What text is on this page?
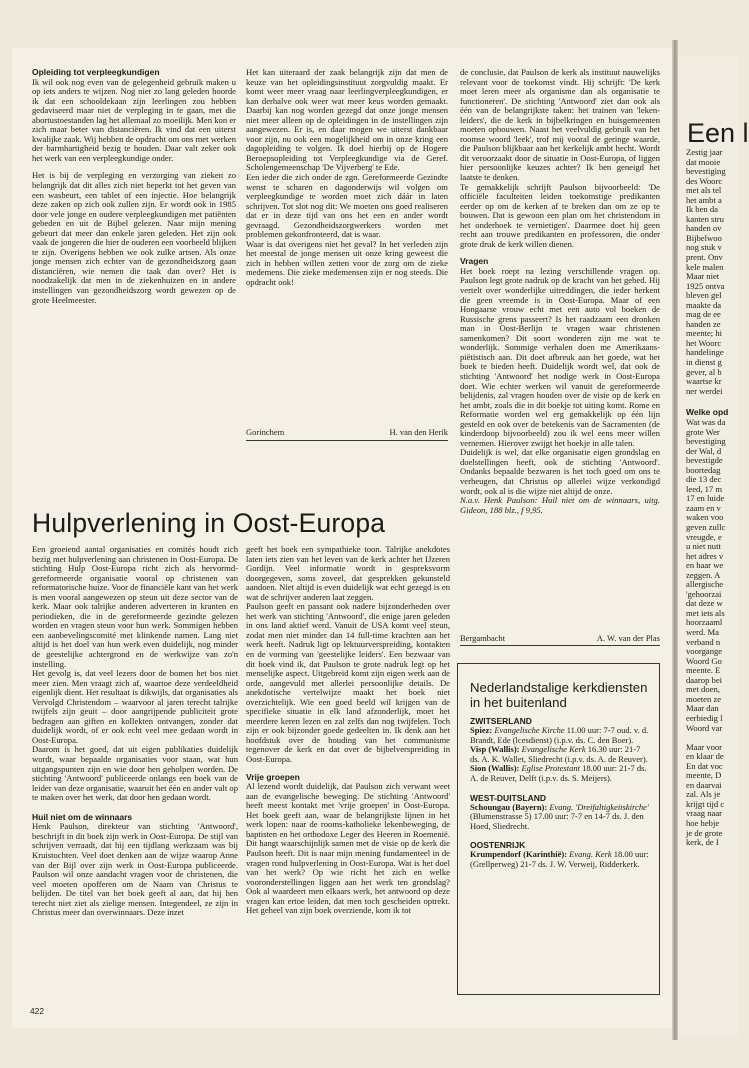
Opleiding tot verpleegkundigen

Ik wil ook nog even van de gelegenheid gebruik maken u op iets anders te wijzen. Nog niet zo lang geleden hoorde ik dat een schooldekaan zijn leerlingen zou hebben gedaviseerd maar niet de verpleging in te gaan, met die abortustoestanden lag het allemaal zo moeilijk. Men kon er zich maar beter van distanciëren. Ik vind dat een uiterst kwalijke zaak. Wij hebben de opdracht om ons met werken der barmhartigheid bezig te houden. Daar valt zeker ook het werk van een verpleegkundige onder.

Het is bij de verpleging en verzorging van zieken zo belangrijk dat dit alles zich niet beperkt tot het geven van een wasbeurt, een tablet of een injectie. Hoe belangrijk deze zaken op zich ook zullen zijn. Er wordt ook in 1985 door vele jonge en oudere verpleegkundigen met patiënten gebeden en uit de Bijbel gelezen. Naar mijn mening gebeurt dat meer dan enkele jaren geleden. Het zijn ook vaak de jongeren die hier de ouderen een voorbeeld blijken te zijn. Overigens hebben we ook zulke artsen. Als onze jonge mensen zich echter van de gezondheidszorg gaan distanciëren, wie nemen die taak dan over? Het is noodzakelijk dat men in de ziekenhuizen en in andere instellingen van gezondheidszorg wordt gewezen op de grote Heelmeester.

Het kan uiteraard der zaak belangrijk zijn dat men de keuze van het opleidingsinstituut zorgvuldig maakt. Er komt weer meer vraag naar leerlingverpleegkundigen, er kan derhalve ook weer wat meer keus worden gemaakt. Daarbij kan nog worden gezegd dat onze jonge mensen niet meer alleen op de opleidingen in de instellingen zijn aangewezen. Er is, en daar mogen we uiterst dankbaar voor zijn, nu ook een mogelijkheid om in onze kring een dagopleiding te volgen. Ik doel hierbij op de Hogere Beroepsopleiding tot Verpleegkundige via de Geref. Scholengemeenschap 'De Vijverberg' te Ede.

Een ieder die zich onder de zgn. Gereformeerde Gezindte wenst te scharen en dagonderwijs wil volgen om verpleegkundige te worden moet zich dáár in laten schrijven. Tot slot nog dit: We moeten ons goed realiseren dat er in deze tijd van ons het een en ander wordt gevraagd. Gezondheidszorgwerkers worden met problemen gekonfronteerd, dat is waar.

Waar is dat overigens niet het geval? In het verleden zijn het meestal de jonge mensen uit onze kring geweest die zich in hebben willen zetten voor de zorg om de zieke medemens. Die zieke medemensen zijn er nog steeds. Die opdracht ook!

Gorinchem	H. van den Herik
Hulpverlening in Oost-Europa

Een groeiend aantal organisaties en comités houdt zich bezig met hulpverlening aan christenen in Oost-Europa. De stichting Hulp Oost-Europa richt zich als hervormd-gereformeerde organisatie vooral op christenen van reformatorische huize. Voor de financiële kant van het werk is men vooral aangewezen op steun uit deze sector van de kerk. Maar ook talrijke anderen adverteren in kranten en periodieken, die in de gereformeerde gezindte gelezen worden en vragen steun voor hun werk. Sommigen hebben een aanbevelingscomité met klinkende namen. Lang niet altijd is het doel van hun werk even duidelijk, nog minder de geestelijke achtergrond en de werkwijze van zo'n instelling.

Het gevolg is, dat veel lezers door de bomen het bos niet meer zien. Men vraagt zich af, waartoe deze verdeeldheid eigenlijk dient. Het resultaat is dikwijls, dat organisaties als Vervolgd Christendom – waarvoor al jaren terecht talrijke twijfels zijn geuit – door aangrijpende publiciteit grote bedragen aan giften en kollekten ontvangen, zonder dat duidelijk wordt, of er ook echt veel mee gedaan wordt in Oost-Europa.

Daarom is het goed, dat uit eigen publikaties duidelijk wordt, waar bepaalde organisaties voor staan, wat hun uitgangspunten zijn en wie door hen geholpen worden. De stichting 'Antwoord' publiceerde onlangs een boek van de leider van deze organisatie, waaruit het één en ander valt op te maken over het werk, dat door hen gedaan wordt.

Huil niet om de winnaars

Henk Paulson, direkteur van stichting 'Antwoord', beschrijft in dit boek zijn werk in Oost-Europa. De stijl van schrijven verraadt, dat hij een tijdlang werkzaam was bij Kruistochten. Veel doet denken aan de wijze waarop Anne van der Bijl over zijn werk in Oost-Europa publiceerde. Paulson wil onze aandacht vragen voor de christenen, die veel moeten opofferen om de Naam van Christus te belijden. De titel van het boek geeft al aan, dat hij hen terecht niet ziet als zielige mensen. Integendeel, ze zijn in Christus meer dan overwinnaars. Deze inzet

geeft het boek een sympathieke toon. Talrijke anekdotes laten iets zien van het leven van de kerk achter het IJzeren Gordijn. Veel informatie wordt in gespreksvorm doorgegeven, soms zoveel, dat gesprekken gekunsteld aandoen. Niet altijd is even duidelijk wat echt gezegd is en wat de schrijver anderen laat zeggen.

Paulson geeft en passant ook nadere bijzonderheden over het werk van stichting 'Antwoord', die enige jaren geleden in ons land aktief werd. Vanuit de USA komt veel steun, zodat men niet minder dan 14 full-time krachten aan het werk heeft. Nadruk ligt op lektuurverspreiding, kontakten en de vorming van 'geestelijke leiders'. Een bezwaar van dit boek vind ik, dat Paulson te grote nadruk legt op het menselijke aspect. Uitgebreid komt zijn eigen werk aan de orde, aangevuld met allerlei persoonlijke details. De anekdotische vertelwijze maakt het boek niet overzichtelijk. Wie een goed beeld wil krijgen van de specifieke situatie in elk land afzonderlijk, moet het meerdere keren lezen en zal zelfs dan nog twijfelen. Toch zijn er ook bijzonder goede gedeelten in. Ik denk aan het hoofdstuk over de houding van het communisme tegenover de kerk en dat over de bijbelverspreiding in Oost-Europa.

Vrije groepen

Al lezend wordt duidelijk, dat Paulson zich verwant weet aan de evangelische beweging. De stichting 'Antwoord' heeft meest kontakt met 'vrije groepen' in Oost-Europa. Het boek geeft aan, waar de belangrijkste lijnen in het werk lopen: naar de rooms-katholieke lekenbeweging, de baptisten en het orthodoxe Leger des Heeren in Roemenië. Dit hangt waarschijnlijk samen met de visie op de kerk die Paulson heeft. Dit is naar mijn mening fundamenteel in de vragen rond hulpverlening in Oost-Europa. Wat is het doel van het werk? Op wie richt het zich en welke vooronderstellingen liggen aan het werk ten grondslag? Ook al waardeert men elkaars werk, het antwoord op deze vragen kan ertoe leiden, dat men toch gescheiden optrekt. Het geheel van zijn boek overziende, kom ik tot

de conclusie, dat Paulson de kerk als instituut nauwelijks relevant voor de toekomst vindt. Hij schrijft: 'De kerk moet leren meer als organisme dan als organisatie te functioneren'. De stichting 'Antwoord' ziet dan ook als één van de belangrijkste taken: het trainen van 'leken-leiders', die de kerk in bijbelkringen en huisgemeenten moeten opbouwen. Naast het veelvuldig gebruik van het roomse woord 'leek', trof mij vooral de geringe waarde, die Paulson blijkbaar aan het kerkelijk ambt hecht. Wordt dit veroorzaakt door de situatie in Oost-Europa, of liggen hier persoonlijke keuzes achter? Ik ben geneigd het laatste te denken.

Te gemakkelijk schrijft Paulson bijvoorbeeld: 'De officiële faculteiten leiden toekomstige predikanten eerder op om de kerken af te breken dan om ze op te bouwen. Dat is gewoon een plan om het christendom in het onderhoek te vernietigen'. Daarmee doet hij geen recht aan trouwe predikanten en professoren, die onder grote druk de kerk willen dienen.

Vragen

Het boek roept na lezing verschillende vragen op. Paulson legt grote nadruk op de kracht van het gebed. Hij vertelt over wonderlijke uitreddingen, die ieder herkent die geen vreemde is in Oost-Europa. Maar of een Hongaarse vrouw echt met een auto vol boeken de Russische grens passeert? Is het raadzaam een dronken man in Oost-Berlijn te vragen waar christenen samenkomen? Dit soort wonderen zijn me wat te wonderlijk. Sommige verhalen doen me Amerikaans-piëtistisch aan. Dit doet afbreuk aan het goede, wat het boek te bieden heeft. Duidelijk wordt wel, dat ook de stichting 'Antwoord' het nodige werk in Oost-Europa doet. Wie echter werken wil vanuit de gereformeerde belijdenis, zal vragen houden over de visie op de kerk en het ambt, zoals die in dit boekje tot uiting komt. Rome en Reformatie worden wel erg gemakkelijk op één lijn gesteld en ook over de betekenis van de Sacramenten (de kinderdoop bijvoorbeeld) zou ik wel eens meer willen vernemen. Hierover zwijgt het boekje in alle talen.

Duidelijk is wel, dat elke organisatie eigen grondslag en doelstellingen heeft, ook de stichting 'Antwoord'. Ondanks bepaalde bezwaren is het toch goed om ons te verheugen, dat Christus op allerlei wijze verkondigd wordt, ook al is die wijze niet altijd de onze.

N.a.v. Henk Paulson: Huil niet om de winnaars, uitg. Gideon, 188 blz., f 9,95.

Bergambacht	A. W. van der Plas
Nederlandstalige kerkdiensten in het buitenland
ZWITSERLAND
Spiez: Evangelische Kirche 11.00 uur: 7-7 oud. v. d. Brandt, Ede (lcesdienst) (i.p.v. ds. C. den Boer).
Visp (Wallis): Evangelische Kerk 16.30 uur: 21-7 ds. A. K. Wallet, Sliedrecht (i.p.v. ds. A. de Reuver).
Sion (Wallis): Eglise Protestant 18.00 uur: 21-7 ds. A. de Reuver, Delft (i.p.v. ds. S. Meijers).
WEST-DUITSLAND
Schoungau (Bayern): Evang. 'Dreifaltigkeitskirche' (Blumenstrasse 5) 17.00 uur: 7-7 en 14-7 ds. J. den Hoed, Sliedrecht.
OOSTENRIJK
Krumpendorf (Karinthië): Evang. Kerk 18.00 uur: (Grellperweg) 21-7 ds. J. W. Verweij, Ridderkerk.
422
Een l
Zestig jaar
dat mooie
bevestiging
des Woorc
met als tel
het ambt a
Ik ben da
kanten stru
handen ov
Bijbelwoo
nog stuk v
prent. Onv
kele malen
Maar niet
1925 ontva
bleven gel
maakte da
mag de ee
handen ze
meente; hi
het Woorc
handelinge
in dienst g
gever, al b
waartse kr
ner werdei
Welke opd
Wat was da
grote Wer
bevestiging
der Wal, d
bevestigde
boortedag
die 13 dec
leed, 17 m
17 en luide
zaam en v
waken voo
geven zullc
vreugde, e
u niet nutt
het adres v
en haar we
zeggen. A
allergische
'gehoorzai
dat deze w
met iets als
hoorzaaml
werd. Ma
verband n
voorgange
Woord Go
meente. E
daarop bei
met doen,
moeten ze
Maar dan
eerbiedig l
Woord var

Maar voor
en klaar de
En dat voc
meente, D
en daarvai
zal. Als je
krijgt tijd c
vraag naar
hoe hebje
je de grote
kerk, de I
